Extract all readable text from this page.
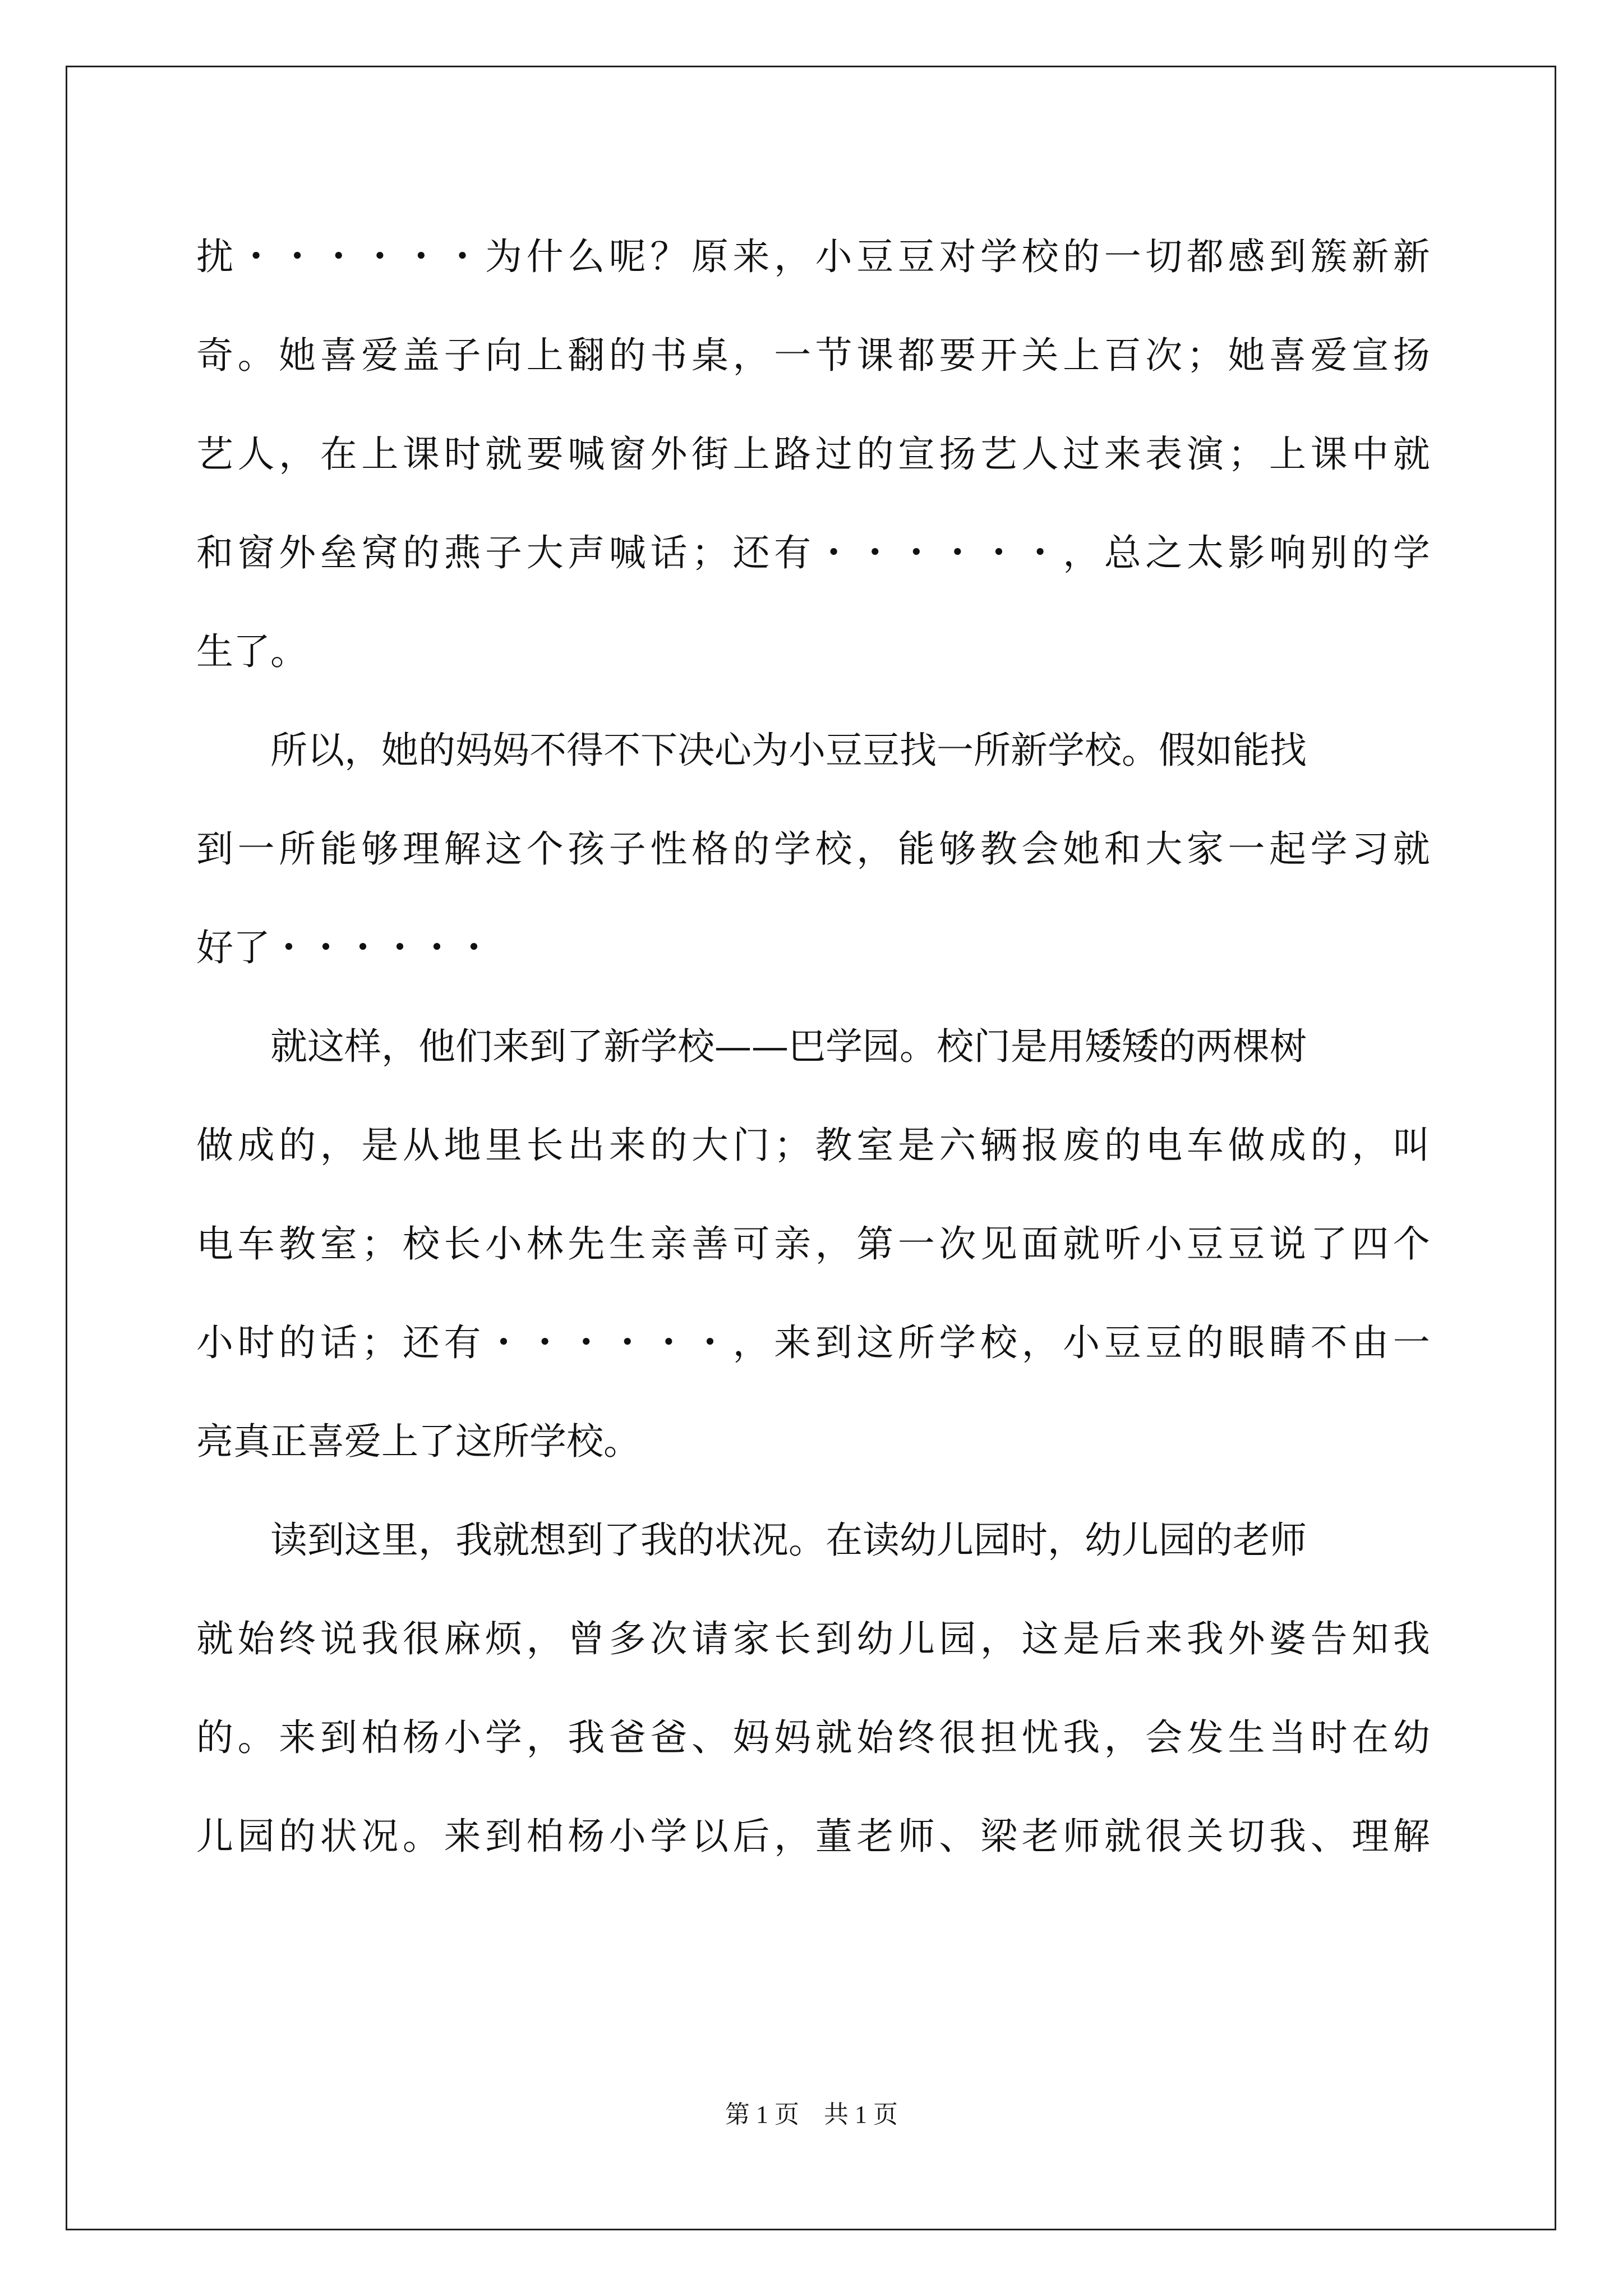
扰 ・ ・ ・ ・ ・ ・ 为 什 么 呢 ？ 原 来 ， 小 豆 豆 对 学 校 的 一 切 都 感 到 簇 新 新
奇 。 她 喜 爱 盖 子 向 上 翻 的 书 桌 ， 一 节 课 都 要 开 关 上 百 次 ； 她 喜 爱 宣 扬
艺 人 ， 在 上 课 时 就 要 喊 窗 外 街 上 路 过 的 宣 扬 艺 人 过 来 表 演 ； 上 课 中 就
和 窗 外 垒 窝 的 燕 子 大 声 喊 话 ； 还 有 ・ ・ ・ ・ ・ ・ ， 总 之 太 影 响 别 的 学
生了。
所以，她的妈妈不得不下决心为小豆豆找一所新学校。假如能找
到 一 所 能 够 理 解 这 个 孩 子 性 格 的 学 校 ， 能 够 教 会 她 和 大 家 一 起 学 习 就
好了・・・・・・
就这样，他们来到了新学校——巴学园。校门是用矮矮的两棵树
做 成 的 ， 是 从 地 里 长 出 来 的 大 门 ； 教 室 是 六 辆 报 废 的 电 车 做 成 的 ， 叫
电 车 教 室 ； 校 长 小 林 先 生 亲 善 可 亲 ， 第 一 次 见 面 就 听 小 豆 豆 说 了 四 个
小 时 的 话 ； 还 有 ・ ・ ・ ・ ・ ・ ， 来 到 这 所 学 校 ， 小 豆 豆 的 眼 睛 不 由 一
亮真正喜爱上了这所学校。
读到这里，我就想到了我的状况。在读幼儿园时，幼儿园的老师
就 始 终 说 我 很 麻 烦 ， 曾 多 次 请 家 长 到 幼 儿 园 ， 这 是 后 来 我 外 婆 告 知 我
的 。 来 到 柏 杨 小 学 ， 我 爸 爸 、 妈 妈 就 始 终 很 担 忧 我 ， 会 发 生 当 时 在 幼
儿 园 的 状 况 。 来 到 柏 杨 小 学 以 后 ， 董 老 师 、 梁 老 师 就 很 关 切 我 、 理 解
第 1 页　共 1 页
